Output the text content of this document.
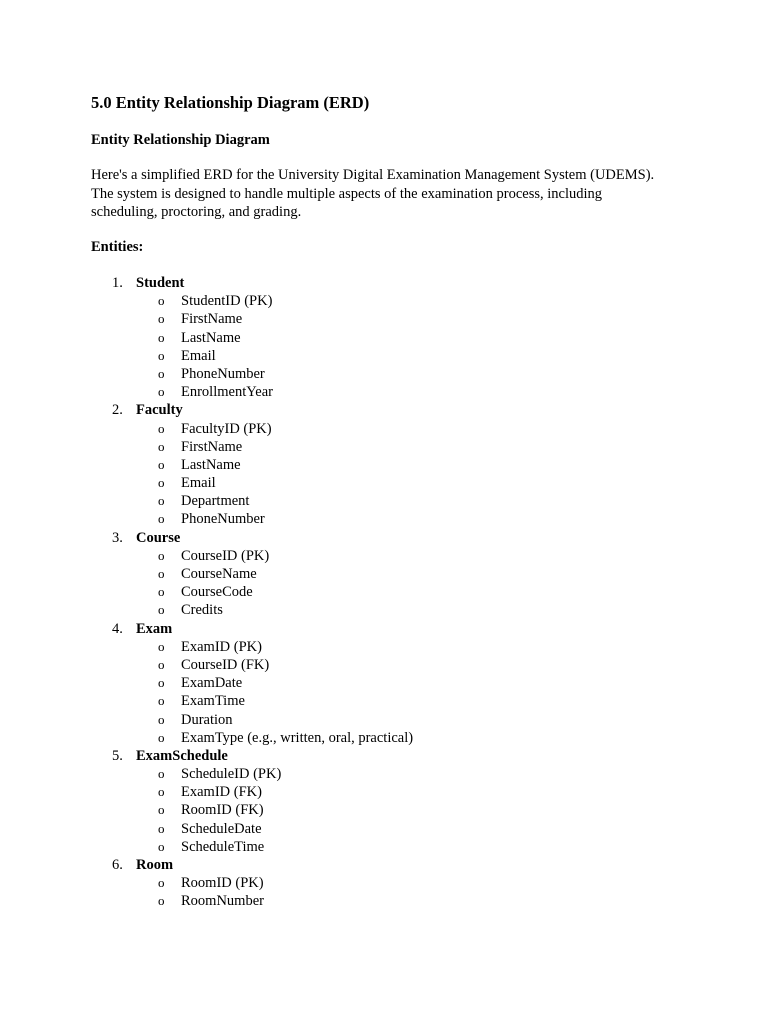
5.0 Entity Relationship Diagram (ERD)
Entity Relationship Diagram
Here's a simplified ERD for the University Digital Examination Management System (UDEMS).
The system is designed to handle multiple aspects of the examination process, including
scheduling, proctoring, and grading.
Entities:
1. Student
o StudentID (PK)
o FirstName
o LastName
o Email
o PhoneNumber
o EnrollmentYear
2. Faculty
o FacultyID (PK)
o FirstName
o LastName
o Email
o Department
o PhoneNumber
3. Course
o CourseID (PK)
o CourseName
o CourseCode
o Credits
4. Exam
o ExamID (PK)
o CourseID (FK)
o ExamDate
o ExamTime
o Duration
o ExamType (e.g., written, oral, practical)
5. ExamSchedule
o ScheduleID (PK)
o ExamID (FK)
o RoomID (FK)
o ScheduleDate
o ScheduleTime
6. Room
o RoomID (PK)
o RoomNumber
